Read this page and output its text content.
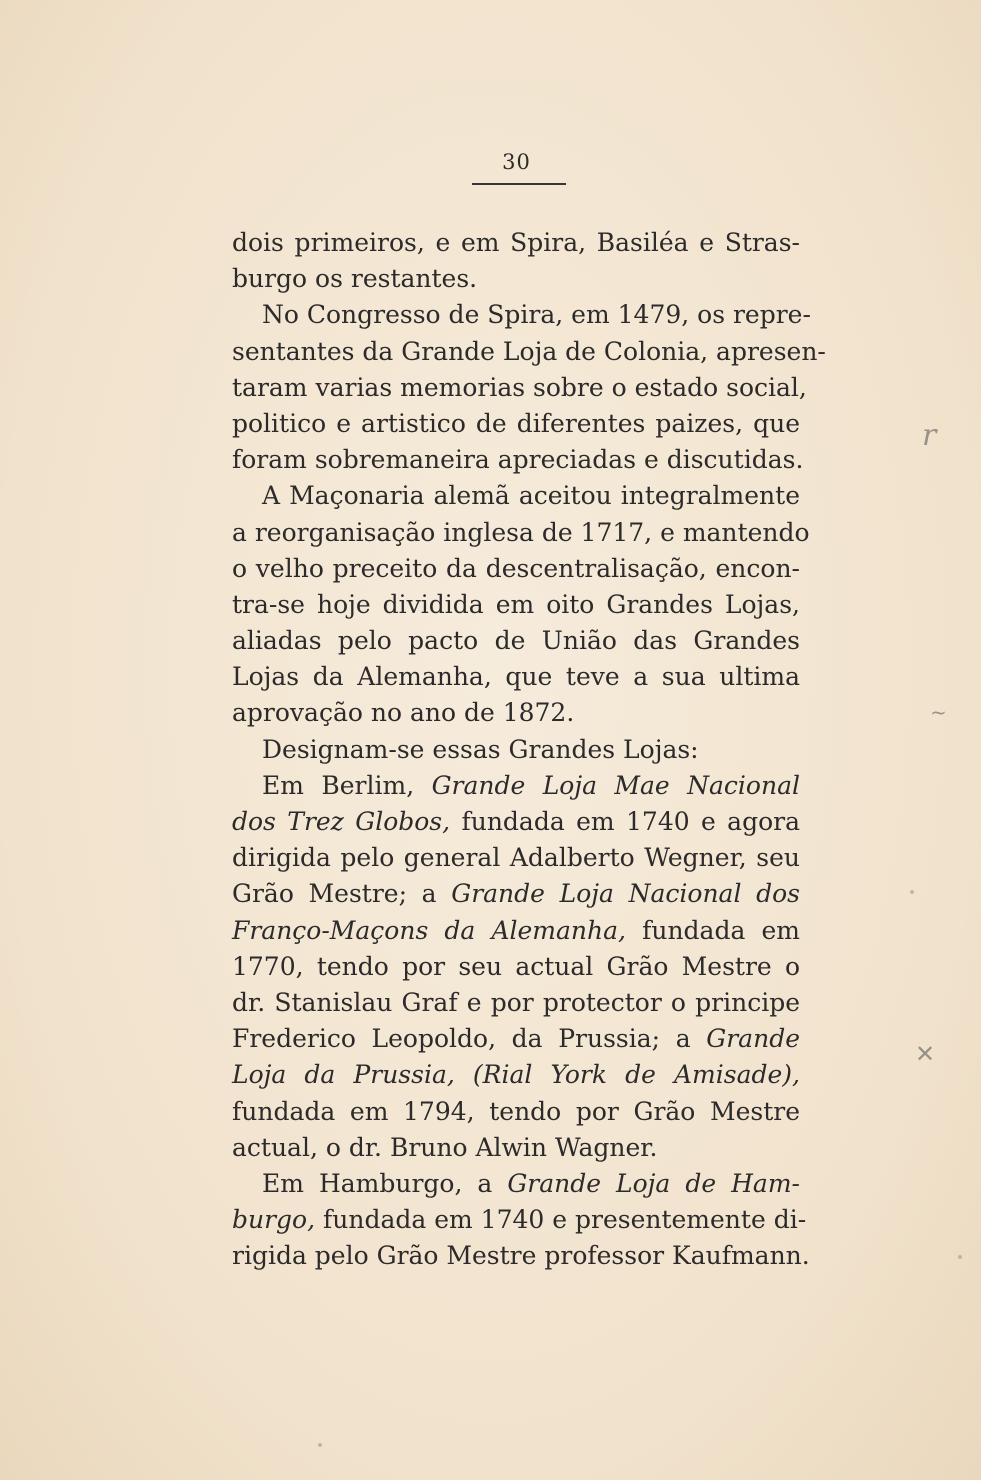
30
dois primeiros, e em Spira, Basiléa e Stras-
burgo os restantes.
No Congresso de Spira, em 1479, os repre-
sentantes da Grande Loja de Colonia, apresen-
taram varias memorias sobre o estado social,
politico e artistico de diferentes paizes, que
foram sobremaneira apreciadas e discutidas.
A Maçonaria alemã aceitou integralmente
a reorganisação inglesa de 1717, e mantendo
o velho preceito da descentralisação, encon-
tra-se hoje dividida em oito Grandes Lojas,
aliadas pelo pacto de União das Grandes
Lojas da Alemanha, que teve a sua ultima
aprovação no ano de 1872.
Designam-se essas Grandes Lojas:
Em Berlim, Grande Loja Mae Nacional
dos Trez Globos, fundada em 1740 e agora
dirigida pelo general Adalberto Wegner, seu
Grão Mestre; a Grande Loja Nacional dos
Franço-Maçons da Alemanha, fundada em
1770, tendo por seu actual Grão Mestre o
dr. Stanislau Graf e por protector o principe
Frederico Leopoldo, da Prussia; a Grande
Loja da Prussia, (Rial York de Amisade),
fundada em 1794, tendo por Grão Mestre
actual, o dr. Bruno Alwin Wagner.
Em Hamburgo, a Grande Loja de Ham-
burgo, fundada em 1740 e presentemente di-
rigida pelo Grão Mestre professor Kaufmann.
r
~
✕
